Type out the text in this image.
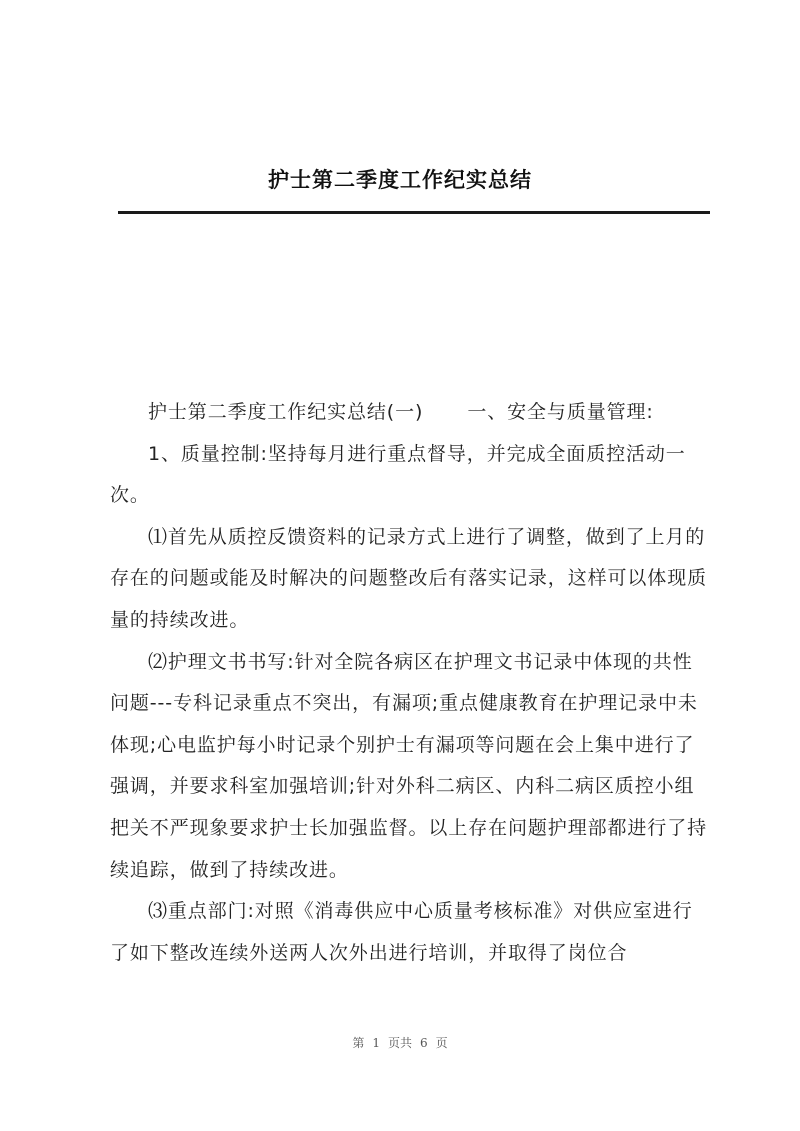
护士第二季度工作纪实总结

护士第二季度工作纪实总结(一) 一、安全与质量管理:

1、质量控制:坚持每月进行重点督导，并完成全面质控活动一次。

⑴首先从质控反馈资料的记录方式上进行了调整，做到了上月的存在的问题或能及时解决的问题整改后有落实记录，这样可以体现质量的持续改进。

⑵护理文书书写:针对全院各病区在护理文书记录中体现的共性问题---专科记录重点不突出，有漏项;重点健康教育在护理记录中未体现;心电监护每小时记录个别护士有漏项等问题在会上集中进行了强调，并要求科室加强培训;针对外科二病区、内科二病区质控小组把关不严现象要求护士长加强监督。以上存在问题护理部都进行了持续追踪，做到了持续改进。

⑶重点部门:对照《消毒供应中心质量考核标准》对供应室进行了如下整改连续外送两人次外出进行培训，并取得了岗位合

第 1 页共 6 页
